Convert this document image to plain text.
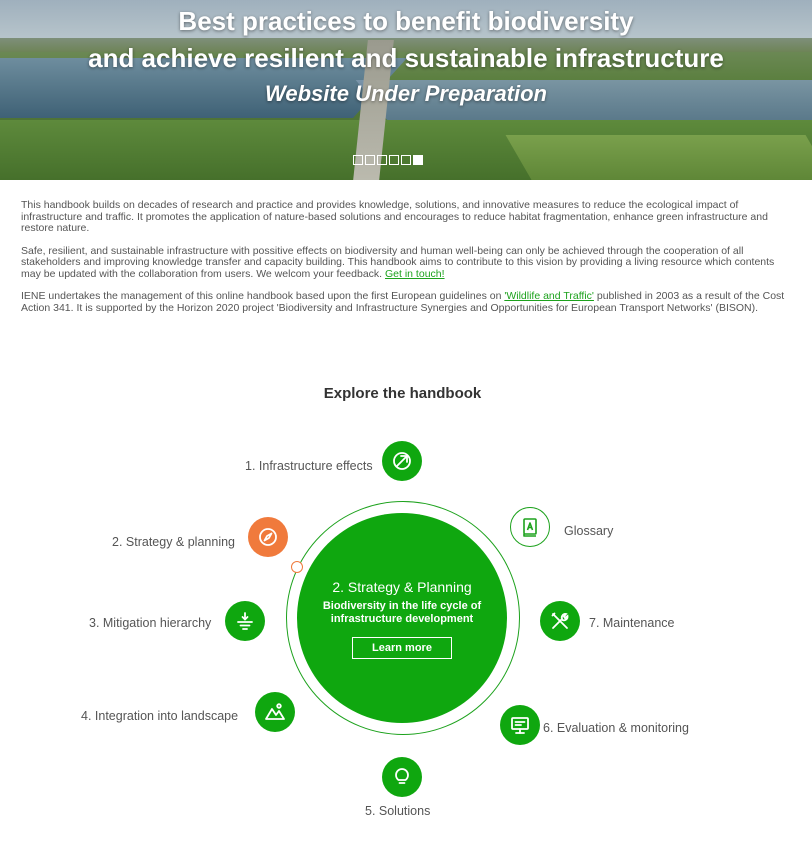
Best practices to benefit biodiversity
and achieve resilient and sustainable infrastructure
Website Under Preparation

This handbook builds on decades of research and practice and provides knowledge, solutions, and innovative measures to reduce the ecological impact of infrastructure and traffic. It promotes the application of nature-based solutions and encourages to reduce habitat fragmentation, enhance green infrastructure and restore nature.

Safe, resilient, and sustainable infrastructure with possitive effects on biodiversity and human well-being can only be achieved through the cooperation of all stakeholders and improving knowledge transfer and capacity building. This handbook aims to contribute to this vision by providing a living resource which contents may be updated with the collaboration from users. We welcom your feedback. Get in touch!

IENE undertakes the management of this online handbook based upon the first European guidelines on 'Wildlife and Traffic' published in 2003 as a result of the Cost Action 341. It is supported by the Horizon 2020 project 'Biodiversity and Infrastructure Synergies and Opportunities for European Transport Networks' (BISON).

Explore the handbook
2. Strategy & Planning
Biodiversity in the life cycle of infrastructure development
Learn more
1. Infrastructure effects
2. Strategy & planning
3. Mitigation hierarchy
4. Integration into landscape
5. Solutions
6. Evaluation & monitoring
7. Maintenance
Glossary
